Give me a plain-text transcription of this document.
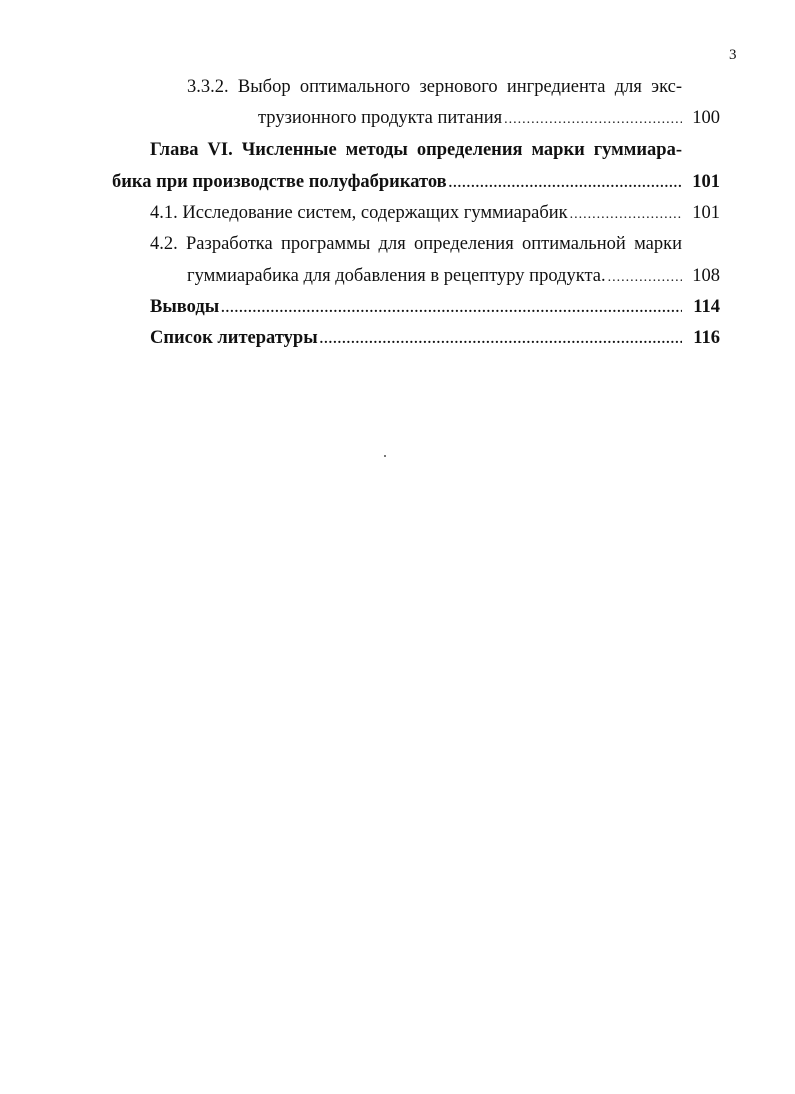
3
3.3.2. Выбор оптимального зернового ингредиента для экс-
трузионного продукта питания .....	100
Глава VI. Численные методы определения марки гуммиара-
бика при производстве полуфабрикатов .....	101
4.1. Исследование систем, содержащих гуммиарабик .....	101
4.2. Разработка программы для определения оптимальной марки
гуммиарабика для добавления в рецептуру продукта. .....	108
Выводы .....	114
Список литературы .....	116
